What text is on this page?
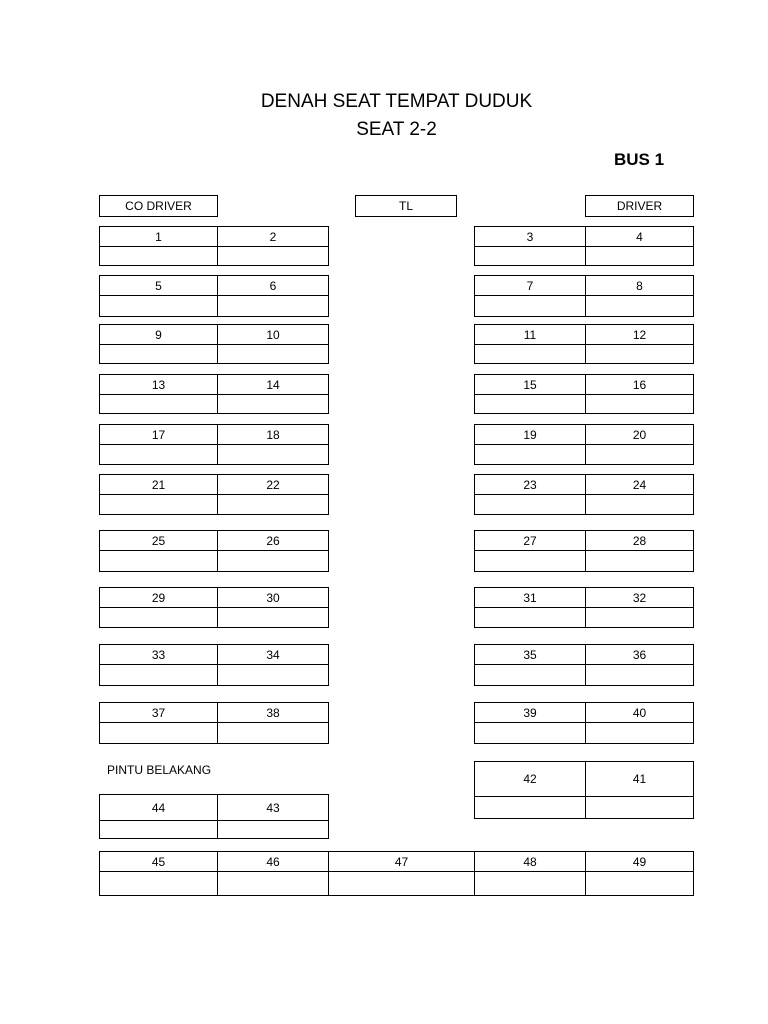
DENAH SEAT TEMPAT DUDUK
SEAT 2-2
BUS 1
CO DRIVER	TL	DRIVER
1	2	3	4
5	6	7	8
9	10	11	12
13	14	15	16
17	18	19	20
21	22	23	24
25	26	27	28
29	30	31	32
33	34	35	36
37	38	39	40
44	43
42	41
45	46	47	48	49
PINTU BELAKANG
